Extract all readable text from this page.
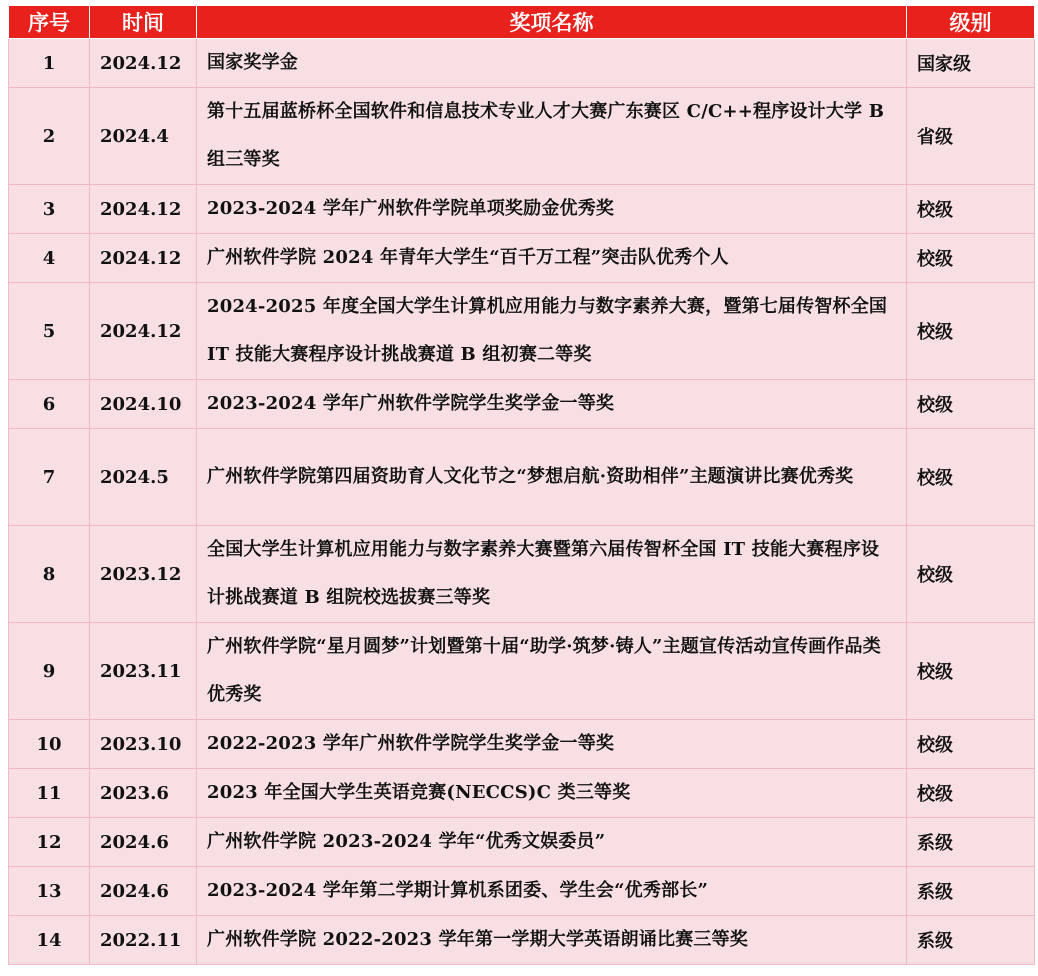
序号	时间	奖项名称	级别
1	2024.12	国家奖学金	国家级
2	2024.4	第十五届蓝桥杯全国软件和信息技术专业人才大赛广东赛区 C/C++程序设计大学 B 组三等奖	省级
3	2024.12	2023-2024 学年广州软件学院单项奖励金优秀奖	校级
4	2024.12	广州软件学院 2024 年青年大学生“百千万工程”突击队优秀个人	校级
5	2024.12	2024-2025 年度全国大学生计算机应用能力与数字素养大赛，暨第七届传智杯全国 IT 技能大赛程序设计挑战赛道 B 组初赛二等奖	校级
6	2024.10	2023-2024 学年广州软件学院学生奖学金一等奖	校级
7	2024.5	广州软件学院第四届资助育人文化节之“梦想启航·资助相伴”主题演讲比赛优秀奖	校级
8	2023.12	全国大学生计算机应用能力与数字素养大赛暨第六届传智杯全国 IT 技能大赛程序设计挑战赛道 B 组院校选拔赛三等奖	校级
9	2023.11	广州软件学院“星月圆梦”计划暨第十届“助学·筑梦·铸人”主题宣传活动宣传画作品类优秀奖	校级
10	2023.10	2022-2023 学年广州软件学院学生奖学金一等奖	校级
11	2023.6	2023 年全国大学生英语竞赛(NECCS)C 类三等奖	校级
12	2024.6	广州软件学院 2023-2024 学年“优秀文娱委员”	系级
13	2024.6	2023-2024 学年第二学期计算机系团委、学生会“优秀部长”	系级
14	2022.11	广州软件学院 2022-2023 学年第一学期大学英语朗诵比赛三等奖	系级
